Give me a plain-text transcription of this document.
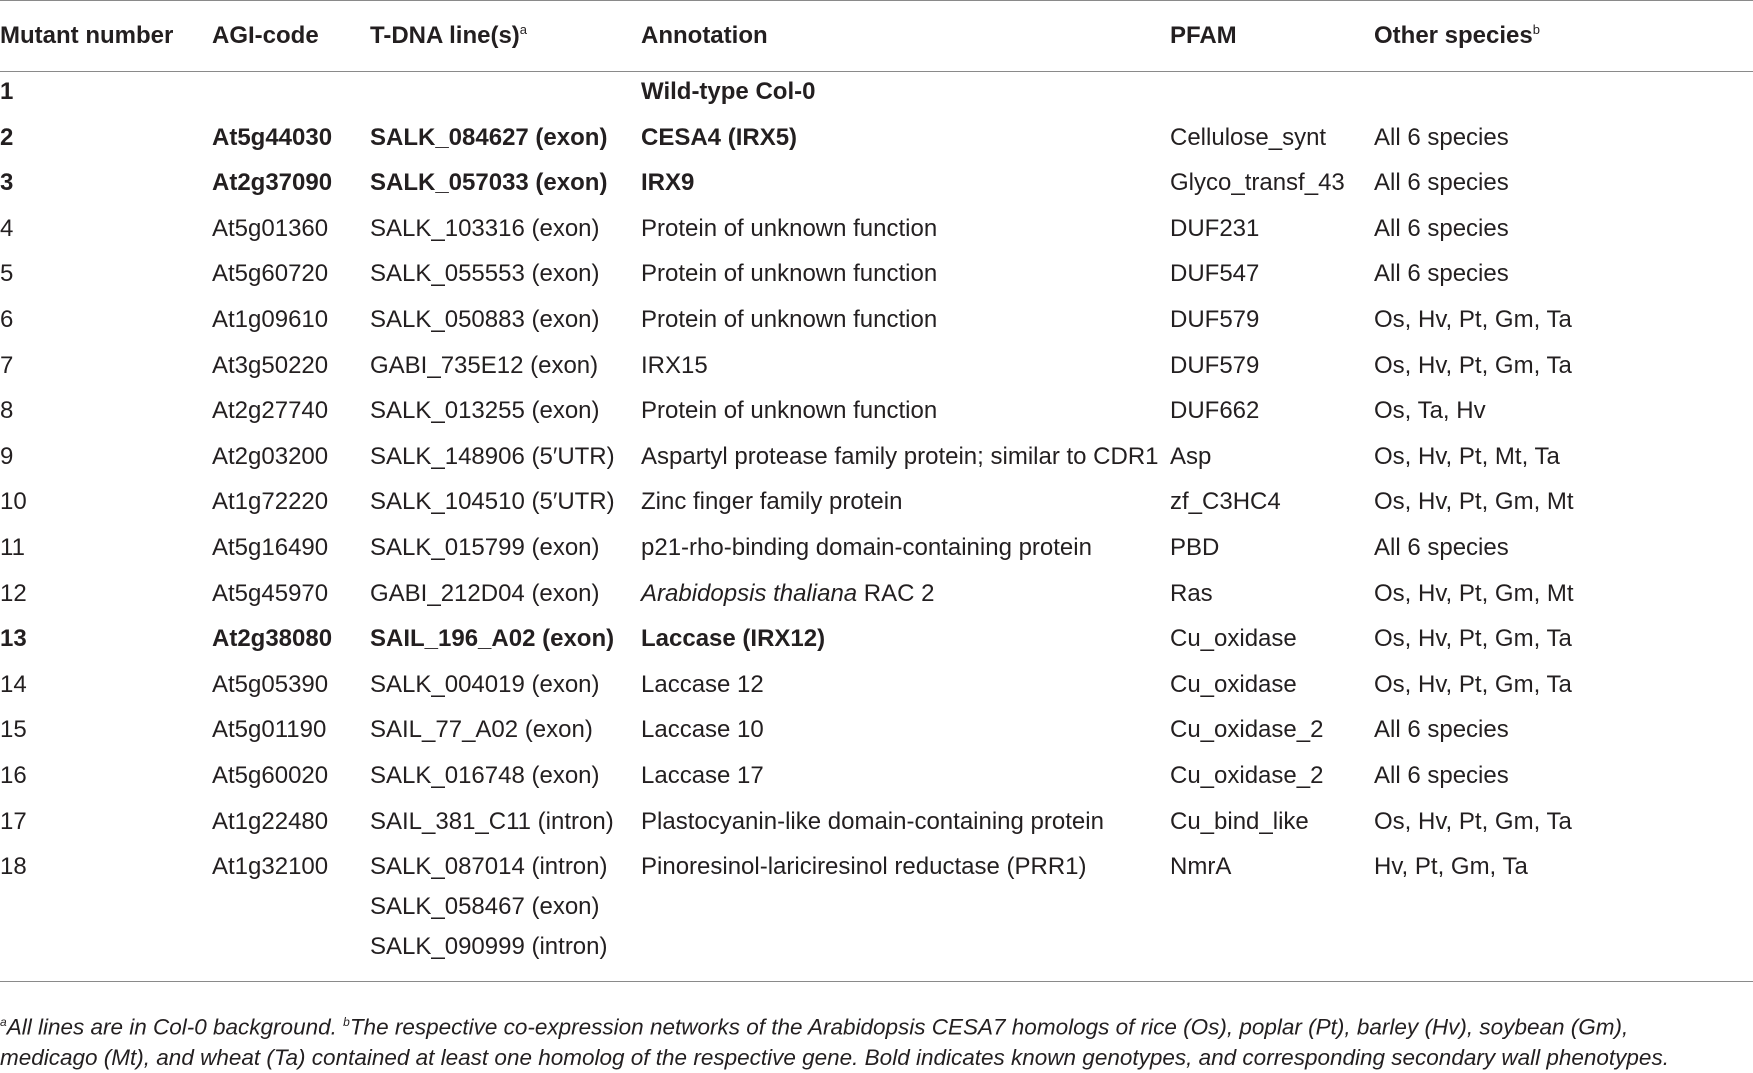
Mutant number	AGI-code	T-DNA $line(s)^a$	Annotation	PFAM	Other species$^b$

1			Wild-type Col-0		

2	At5g44030	SALK_084627 (exon)	CESA4 (IRX5)	Cellulose_synt	All 6 species

3	At2g37090	SALK_057033 (exon)	IRX9	Glyco_transf_43	All 6 species

4	At5g01360	SALK_103316 (exon)	Protein of unknown function	DUF231	All 6 species

5	At5g60720	SALK_055553 (exon)	Protein of unknown function	DUF547	All 6 species

6	At1g09610	SALK_050883 (exon)	Protein of unknown function	DUF579	Os, Hv, Pt, Gm, Ta

7	At3g50220	GABI_735E12 (exon)	IRX15	DUF579	Os, Hv, Pt, Gm, Ta

8	At2g27740	SALK_013255 (exon)	Protein of unknown function	DUF662	Os, Ta, Hv

9	At2g03200	SALK_148906 (5′UTR)	Aspartyl protease family protein; similar to CDR1	Asp	Os, Hv, Pt, Mt, Ta

10	At1g72220	SALK_104510 (5′UTR)	Zinc finger family protein	zf_C3HC4	Os, Hv, Pt, Gm, Mt

11	At5g16490	SALK_015799 (exon)	p21-rho-binding domain-containing protein	PBD	All 6 species

12	At5g45970	GABI_212D04 (exon)	Arabidopsis thaliana RAC 2	Ras	Os, Hv, Pt, Gm, Mt

13	At2g38080	SAIL_196_A02 (exon)	Laccase (IRX12)	Cu_oxidase	Os, Hv, Pt, Gm, Ta

14	At5g05390	SALK_004019 (exon)	Laccase 12	Cu_oxidase	Os, Hv, Pt, Gm, Ta

15	At5g01190	SAIL_77_A02 (exon)	Laccase 10	Cu_oxidase_2	All 6 species

16	At5g60020	SALK_016748 (exon)	Laccase 17	Cu_oxidase_2	All 6 species

17	At1g22480	SAIL_381_C11 (intron)	Plastocyanin-like domain-containing protein	Cu_bind_like	Os, Hv, Pt, Gm, Ta

18	At1g32100	SALK_087014 (intron)
SALK_058467 (exon)
SALK_090999 (intron)	Pinoresinol-lariciresinol reductase (PRR1)	NmrA	Hv, Pt, Gm, Ta
$^a$All lines are in Col-0 background. $^b$The respective co-expression networks of the Arabidopsis CESA7 homologs of rice (Os), poplar (Pt), barley (Hv), soybean (Gm),
medicago (Mt), and wheat (Ta) contained at least one homolog of the respective gene. Bold indicates known genotypes, and corresponding secondary wall phenotypes.
